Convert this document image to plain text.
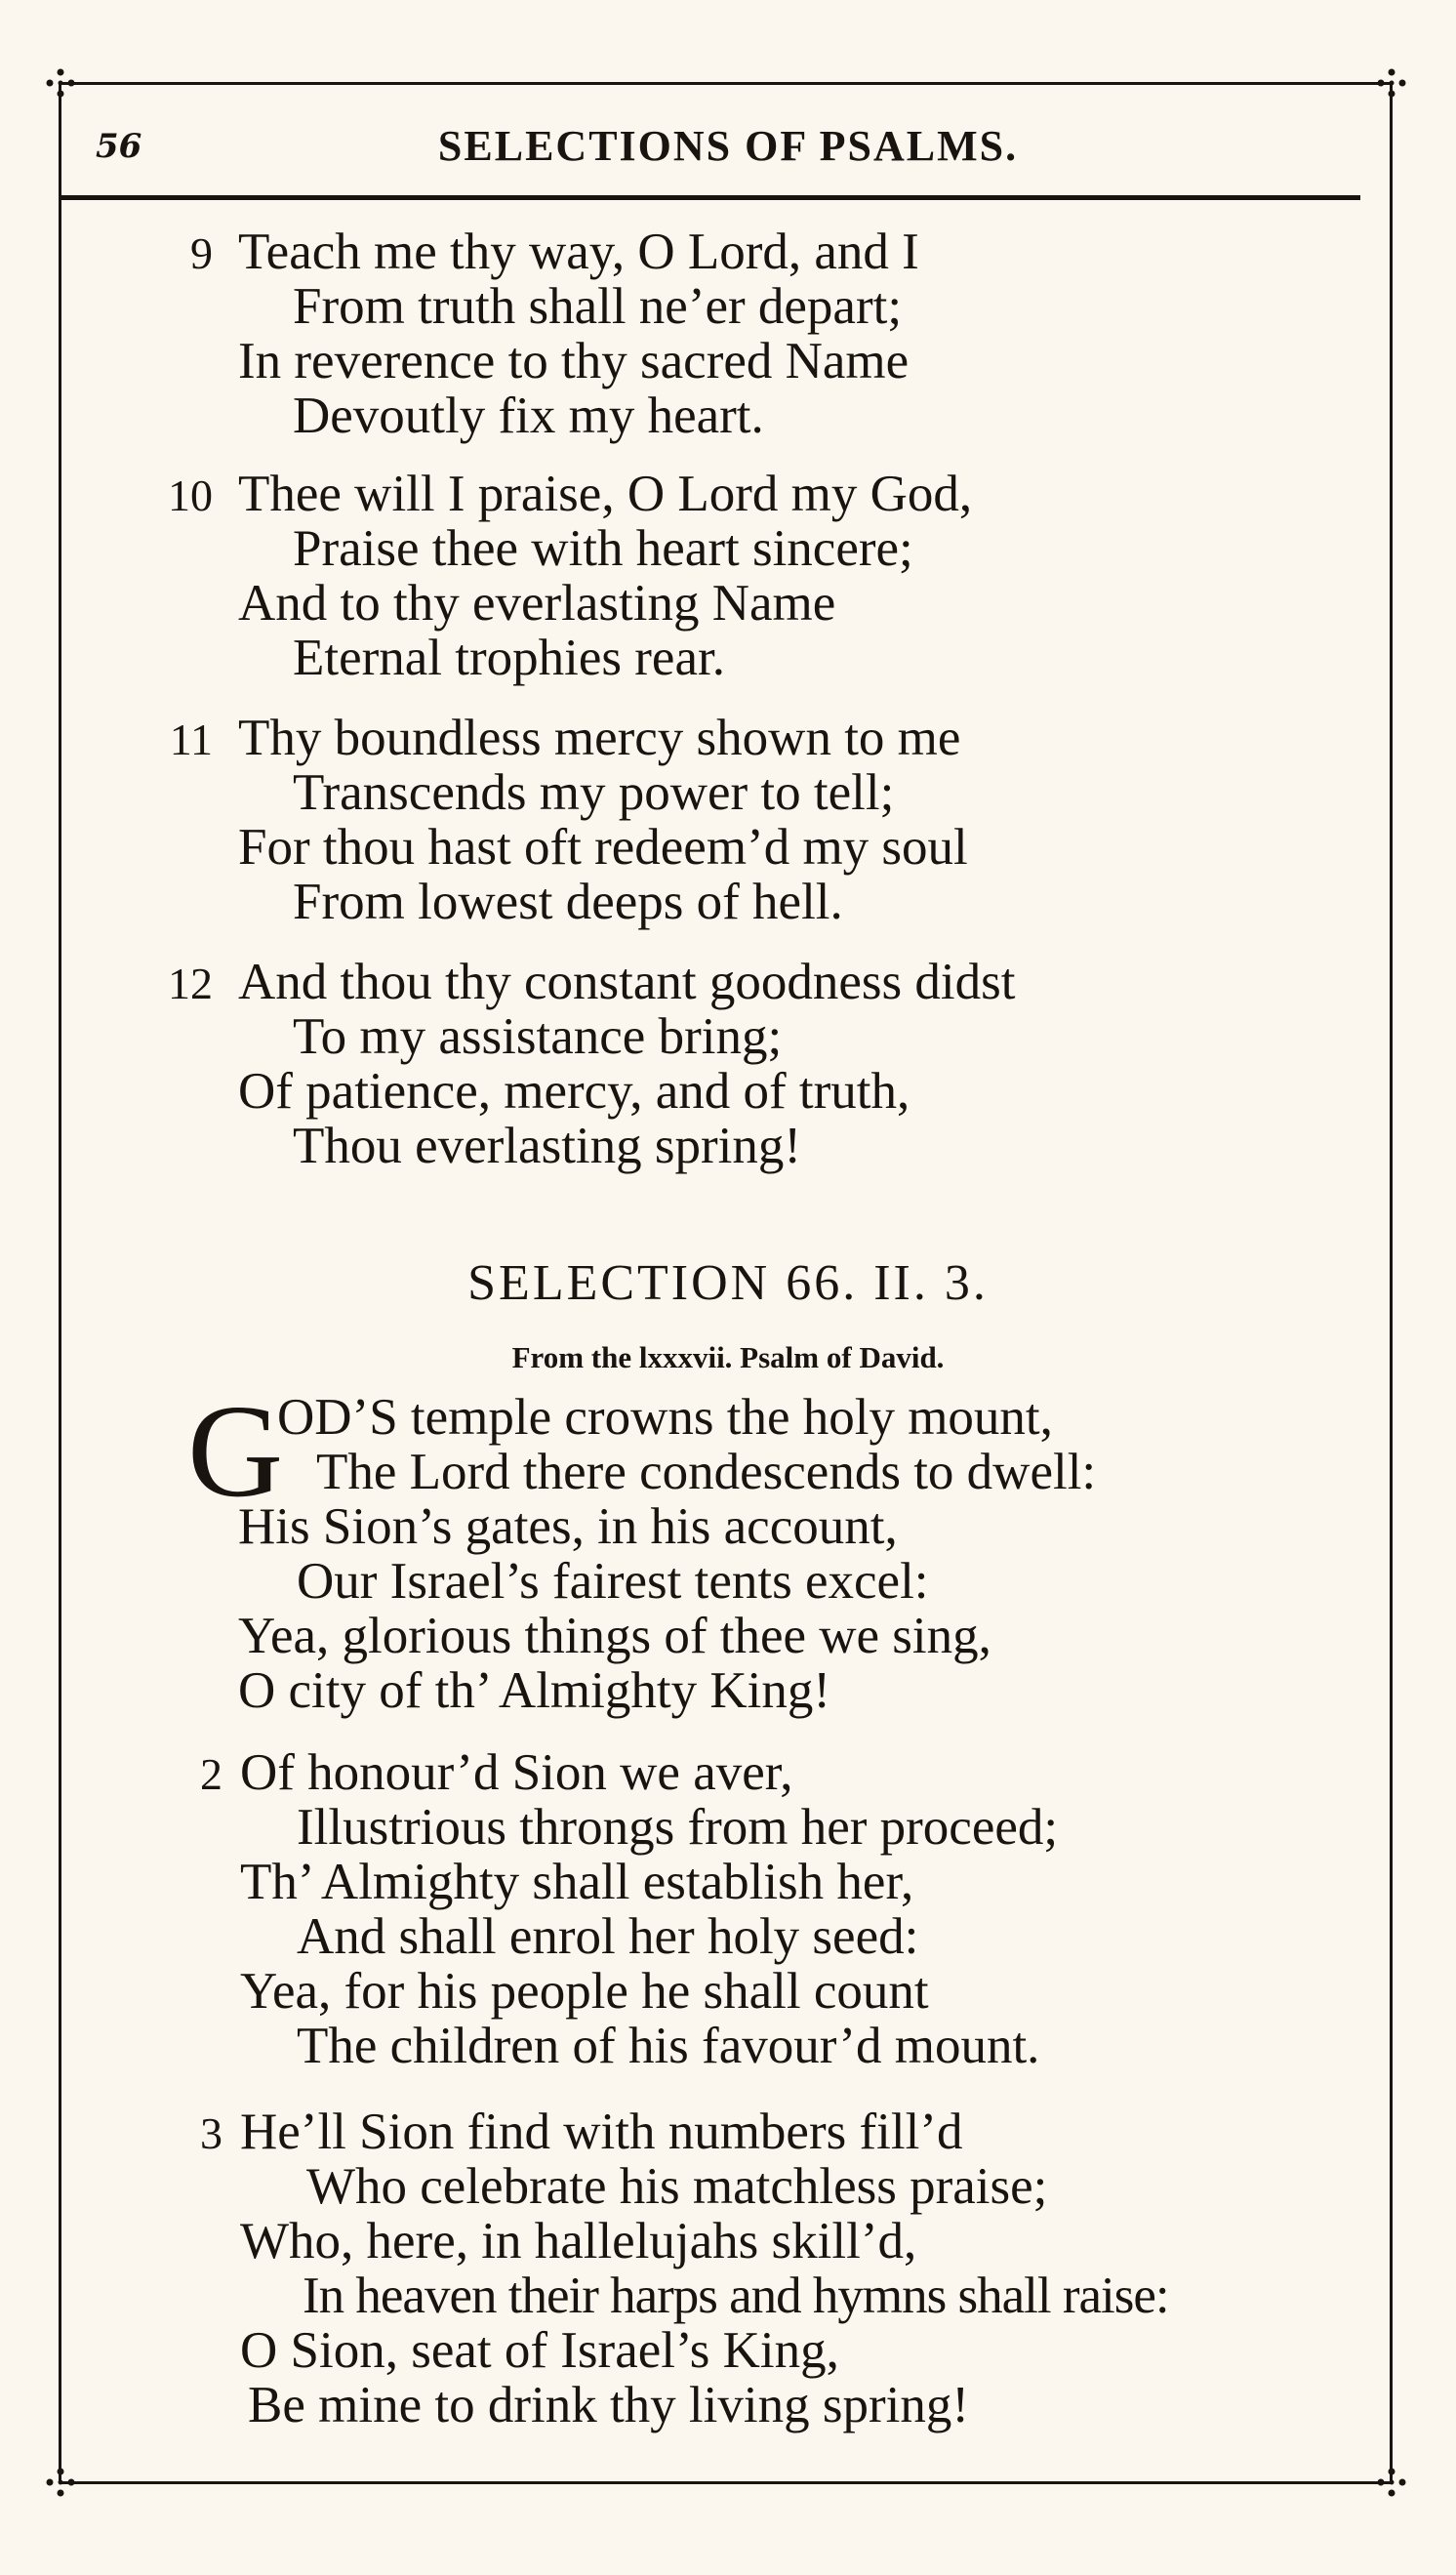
56	SELECTIONS OF PSALMS.
9 Teach me thy way, O Lord, and I
From truth shall ne’er depart;
In reverence to thy sacred Name
Devoutly fix my heart.
10 Thee will I praise, O Lord my God,
Praise thee with heart sincere;
And to thy everlasting Name
Eternal trophies rear.
11 Thy boundless mercy shown to me
Transcends my power to tell;
For thou hast oft redeem’d my soul
From lowest deeps of hell.
12 And thou thy constant goodness didst
To my assistance bring;
Of patience, mercy, and of truth,
Thou everlasting spring!
SELECTION 66. II. 3.
From the lxxxvii. Psalm of David.
G
OD’S temple crowns the holy mount,
The Lord there condescends to dwell:
His Sion’s gates, in his account,
Our Israel’s fairest tents excel:
Yea, glorious things of thee we sing,
O city of th’ Almighty King!
2 Of honour’d Sion we aver,
Illustrious throngs from her proceed;
Th’ Almighty shall establish her,
And shall enrol her holy seed:
Yea, for his people he shall count
The children of his favour’d mount.
3 He’ll Sion find with numbers fill’d
Who celebrate his matchless praise;
Who, here, in hallelujahs skill’d,
In heaven their harps and hymns shall raise:
O Sion, seat of Israel’s King,
Be mine to drink thy living spring!
